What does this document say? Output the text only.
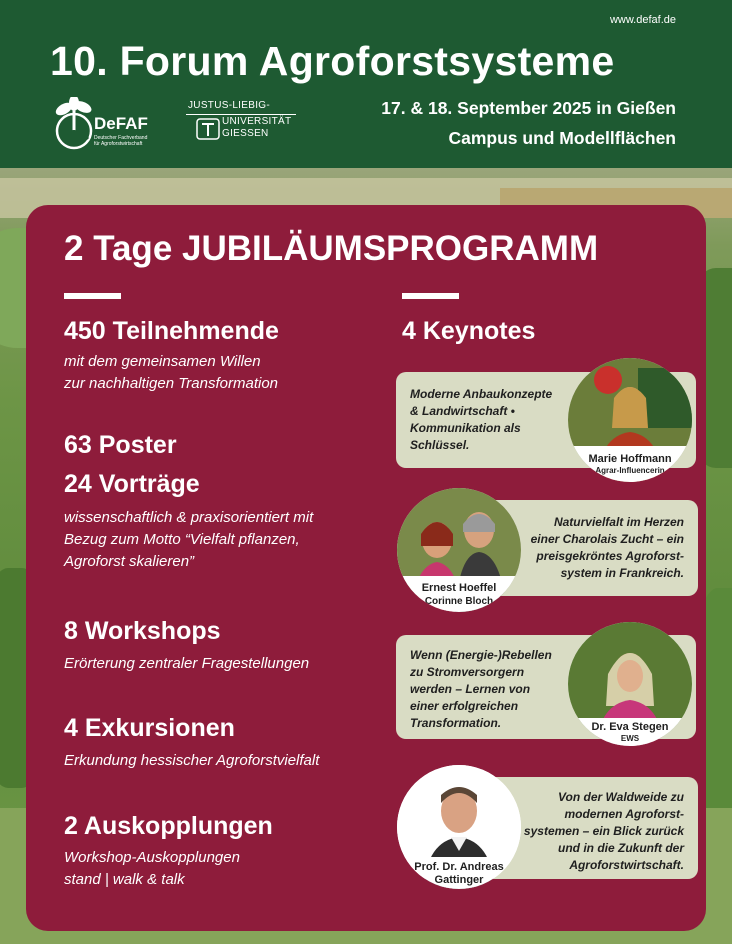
www.defaf.de
10. Forum Agroforstsysteme
DeFAF
Deutscher Fachverband
für Agroforstwirtschaft
JUSTUS-LIEBIG-
UNIVERSITÄT
GIESSEN
17. & 18. September 2025 in Gießen
Campus und Modellflächen
2 Tage JUBILÄUMSPROGRAMM
450 Teilnehmende
mit dem gemeinsamen Willen
zur nachhaltigen Transformation
63 Poster
24 Vorträge
wissenschaftlich & praxisorientiert mit
Bezug zum Motto “Vielfalt pflanzen,
Agroforst skalieren”
8 Workshops
Erörterung zentraler Fragestellungen
4 Exkursionen
Erkundung hessischer Agroforstvielfalt
2 Auskopplungen
Workshop-Auskopplungen
stand | walk & talk
4 Keynotes
Moderne Anbaukonzepte
& Landwirtschaft •
Kommunikation als
Schlüssel.
Marie Hoffmann
Agrar-Influencerin
Naturvielfalt im Herzen
einer Charolais Zucht – ein
preisgekröntes Agroforst-
system in Frankreich.
Ernest Hoeffel
Corinne Bloch
Wenn (Energie-)Rebellen
zu Stromversorgern
werden – Lernen von
einer erfolgreichen
Transformation.	Dr. Eva Stegen
EWS
Von der Waldweide zu
modernen Agroforst-
systemen – ein Blick zurück
und in die Zukunft der
Agroforstwirtschaft.
Prof. Dr. Andreas
Gattinger
